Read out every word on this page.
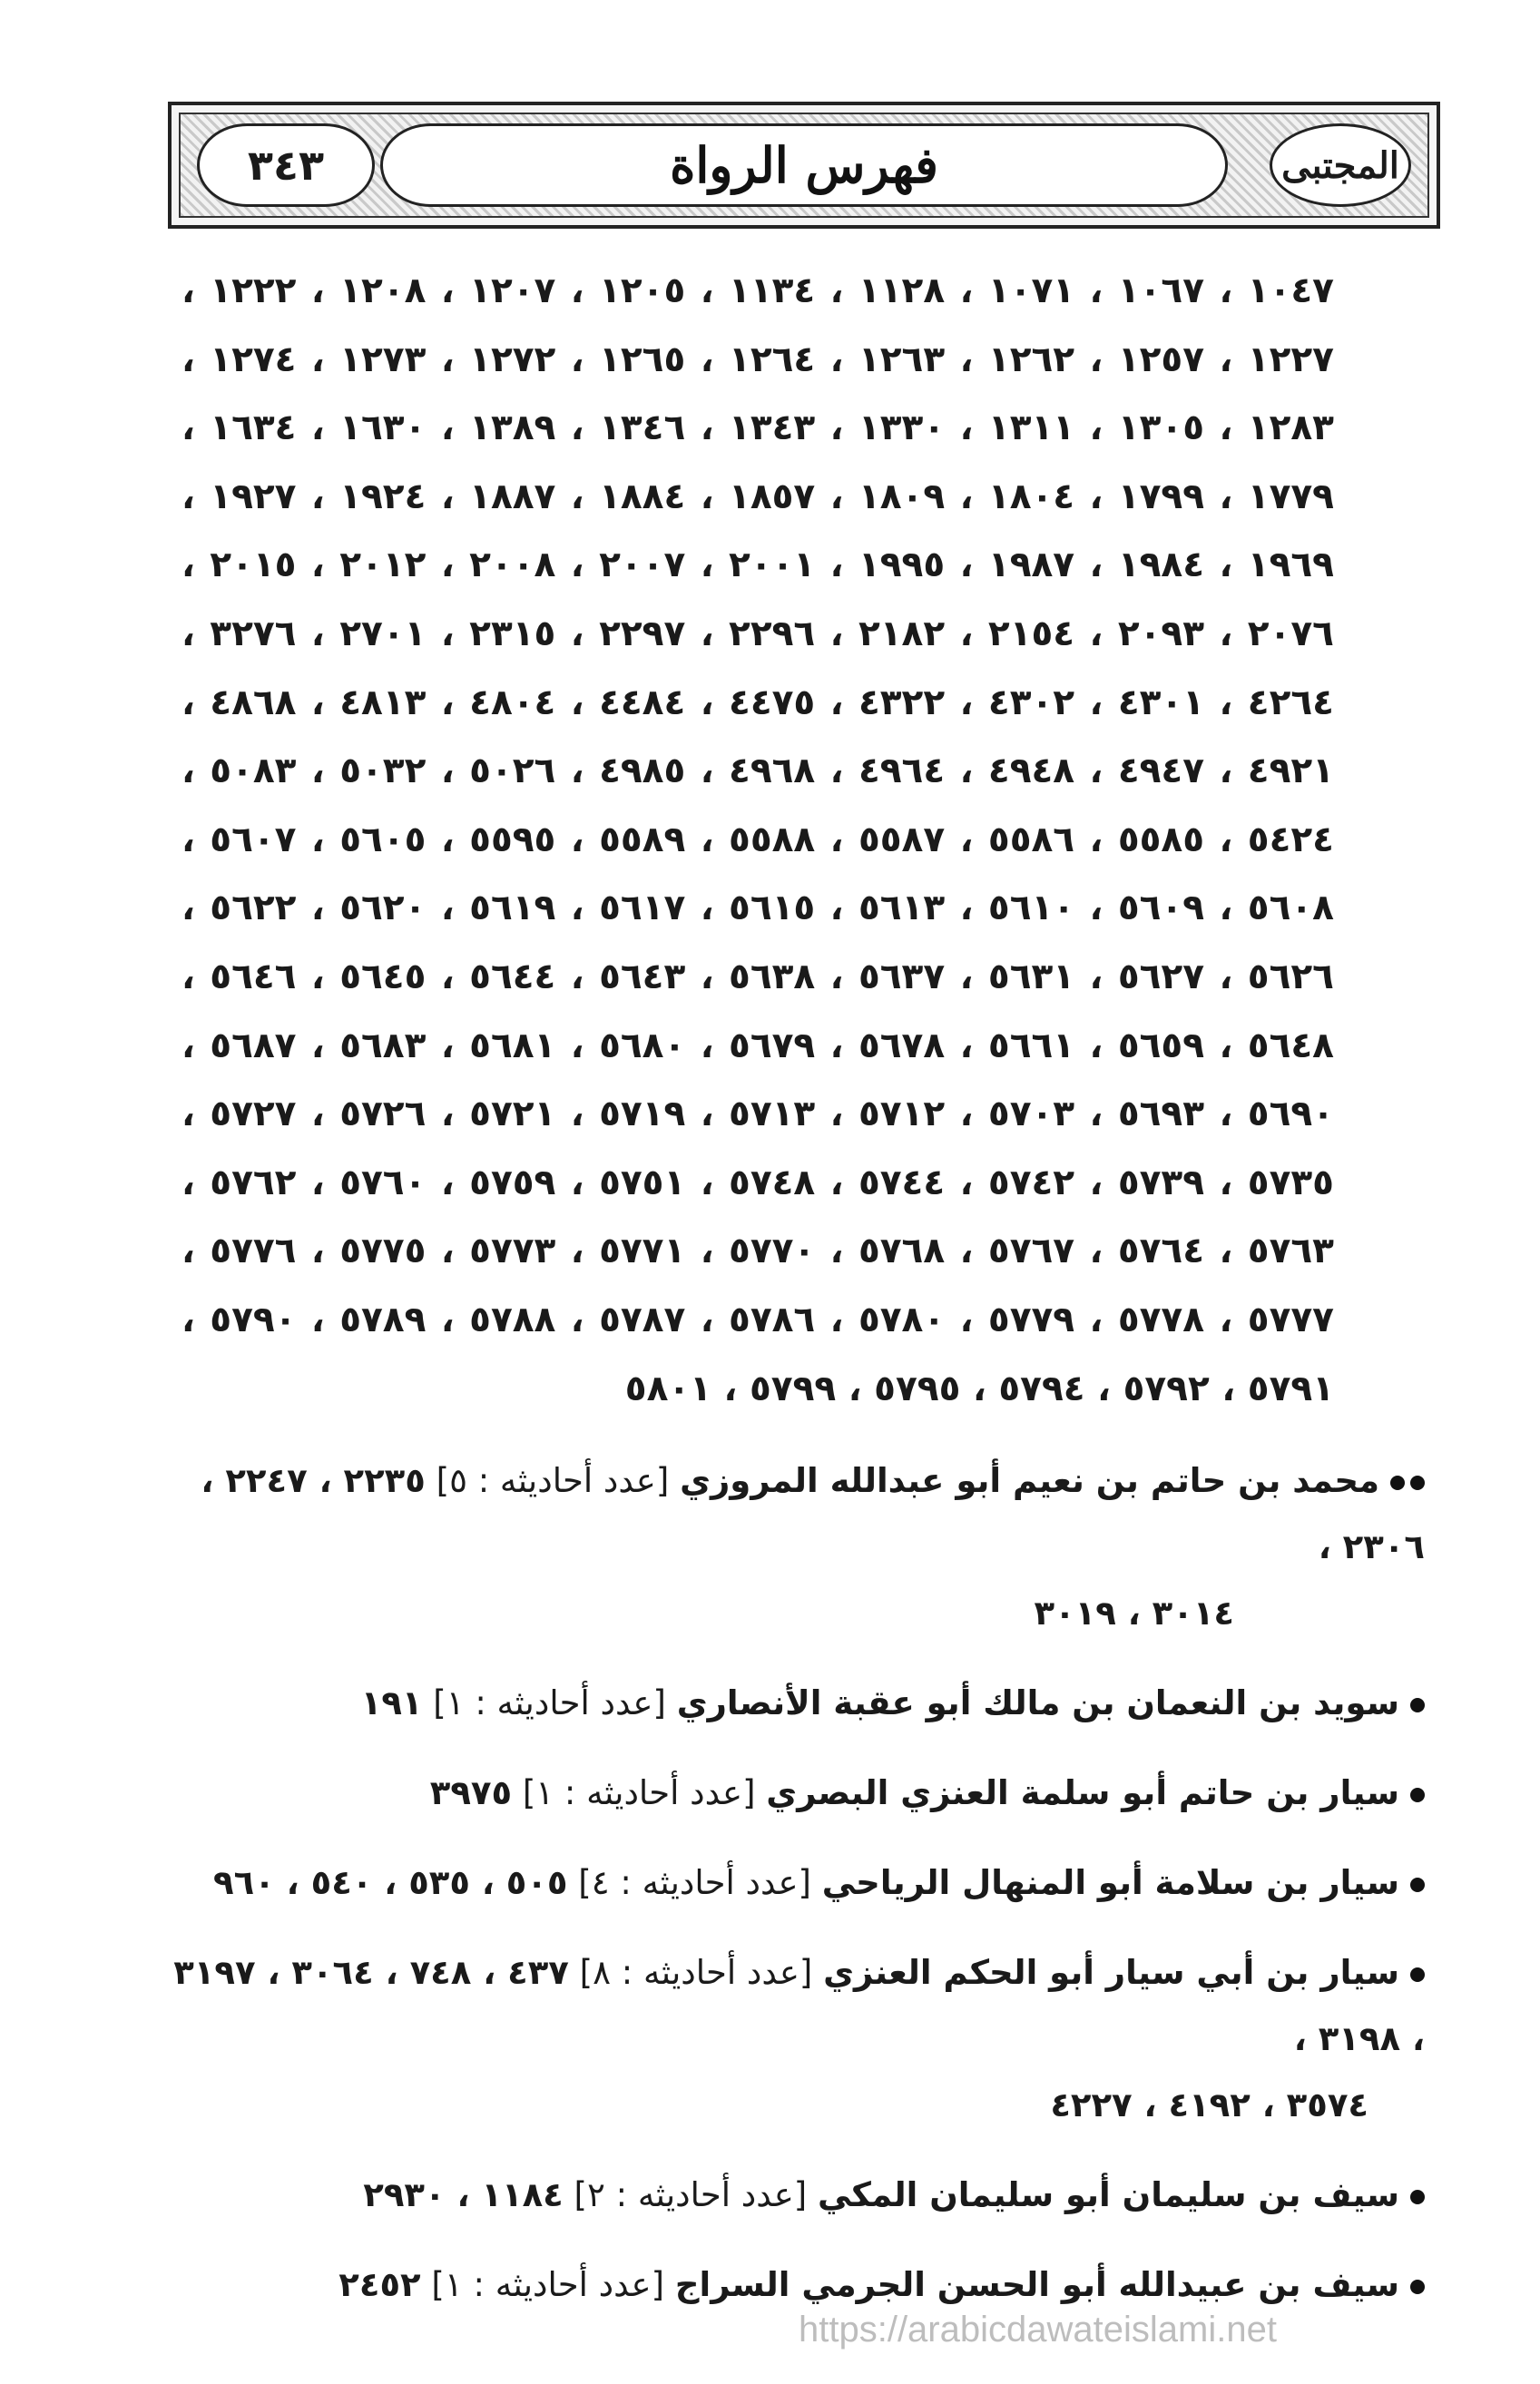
٣٤٣	فهرس الرواة	المجتبى
١٠٤٧ ، ١٠٦٧ ، ١٠٧١ ، ١١٢٨ ، ١١٣٤ ، ١٢٠٥ ، ١٢٠٧ ، ١٢٠٨ ، ١٢٢٢ ،
١٢٢٧ ، ١٢٥٧ ، ١٢٦٢ ، ١٢٦٣ ، ١٢٦٤ ، ١٢٦٥ ، ١٢٧٢ ، ١٢٧٣ ، ١٢٧٤ ،
١٢٨٣ ، ١٣٠٥ ، ١٣١١ ، ١٣٣٠ ، ١٣٤٣ ، ١٣٤٦ ، ١٣٨٩ ، ١٦٣٠ ، ١٦٣٤ ،
١٧٧٩ ، ١٧٩٩ ، ١٨٠٤ ، ١٨٠٩ ، ١٨٥٧ ، ١٨٨٤ ، ١٨٨٧ ، ١٩٢٤ ، ١٩٢٧ ،
١٩٦٩ ، ١٩٨٤ ، ١٩٨٧ ، ١٩٩٥ ، ٢٠٠١ ، ٢٠٠٧ ، ٢٠٠٨ ، ٢٠١٢ ، ٢٠١٥ ،
٢٠٧٦ ، ٢٠٩٣ ، ٢١٥٤ ، ٢١٨٢ ، ٢٢٩٦ ، ٢٢٩٧ ، ٢٣١٥ ، ٢٧٠١ ، ٣٢٧٦ ،
٤٢٦٤ ، ٤٣٠١ ، ٤٣٠٢ ، ٤٣٢٢ ، ٤٤٧٥ ، ٤٤٨٤ ، ٤٨٠٤ ، ٤٨١٣ ، ٤٨٦٨ ،
٤٩٢١ ، ٤٩٤٧ ، ٤٩٤٨ ، ٤٩٦٤ ، ٤٩٦٨ ، ٤٩٨٥ ، ٥٠٢٦ ، ٥٠٣٢ ، ٥٠٨٣ ،
٥٤٢٤ ، ٥٥٨٥ ، ٥٥٨٦ ، ٥٥٨٧ ، ٥٥٨٨ ، ٥٥٨٩ ، ٥٥٩٥ ، ٥٦٠٥ ، ٥٦٠٧ ،
٥٦٠٨ ، ٥٦٠٩ ، ٥٦١٠ ، ٥٦١٣ ، ٥٦١٥ ، ٥٦١٧ ، ٥٦١٩ ، ٥٦٢٠ ، ٥٦٢٢ ،
٥٦٢٦ ، ٥٦٢٧ ، ٥٦٣١ ، ٥٦٣٧ ، ٥٦٣٨ ، ٥٦٤٣ ، ٥٦٤٤ ، ٥٦٤٥ ، ٥٦٤٦ ،
٥٦٤٨ ، ٥٦٥٩ ، ٥٦٦١ ، ٥٦٧٨ ، ٥٦٧٩ ، ٥٦٨٠ ، ٥٦٨١ ، ٥٦٨٣ ، ٥٦٨٧ ،
٥٦٩٠ ، ٥٦٩٣ ، ٥٧٠٣ ، ٥٧١٢ ، ٥٧١٣ ، ٥٧١٩ ، ٥٧٢١ ، ٥٧٢٦ ، ٥٧٢٧ ،
٥٧٣٥ ، ٥٧٣٩ ، ٥٧٤٢ ، ٥٧٤٤ ، ٥٧٤٨ ، ٥٧٥١ ، ٥٧٥٩ ، ٥٧٦٠ ، ٥٧٦٢ ،
٥٧٦٣ ، ٥٧٦٤ ، ٥٧٦٧ ، ٥٧٦٨ ، ٥٧٧٠ ، ٥٧٧١ ، ٥٧٧٣ ، ٥٧٧٥ ، ٥٧٧٦ ،
٥٧٧٧ ، ٥٧٧٨ ، ٥٧٧٩ ، ٥٧٨٠ ، ٥٧٨٦ ، ٥٧٨٧ ، ٥٧٨٨ ، ٥٧٨٩ ، ٥٧٩٠ ،
٥٧٩١ ، ٥٧٩٢ ، ٥٧٩٤ ، ٥٧٩٥ ، ٥٧٩٩ ، ٥٨٠١
محمد بن حاتم بن نعيم أبو عبدالله المروزي [عدد أحاديثه : ٥] ٢٢٣٥ ، ٢٢٤٧ ، ٢٣٠٦ ،
٣٠١٤ ، ٣٠١٩
سويد بن النعمان بن مالك أبو عقبة الأنصاري [عدد أحاديثه : ١] ١٩١
سيار بن حاتم أبو سلمة العنزي البصري [عدد أحاديثه : ١] ٣٩٧٥
سيار بن سلامة أبو المنهال الرياحي [عدد أحاديثه : ٤] ٥٠٥ ، ٥٣٥ ، ٥٤٠ ، ٩٦٠
سيار بن أبي سيار أبو الحكم العنزي [عدد أحاديثه : ٨] ٤٣٧ ، ٧٤٨ ، ٣٠٦٤ ، ٣١٩٧ ، ٣١٩٨ ،
٣٥٧٤ ، ٤١٩٢ ، ٤٢٢٧
سيف بن سليمان أبو سليمان المكي [عدد أحاديثه : ٢] ١١٨٤ ، ٢٩٣٠
سيف بن عبيدالله أبو الحسن الجرمي السراج [عدد أحاديثه : ١] ٢٤٥٢
https://arabicdawateislami.net
